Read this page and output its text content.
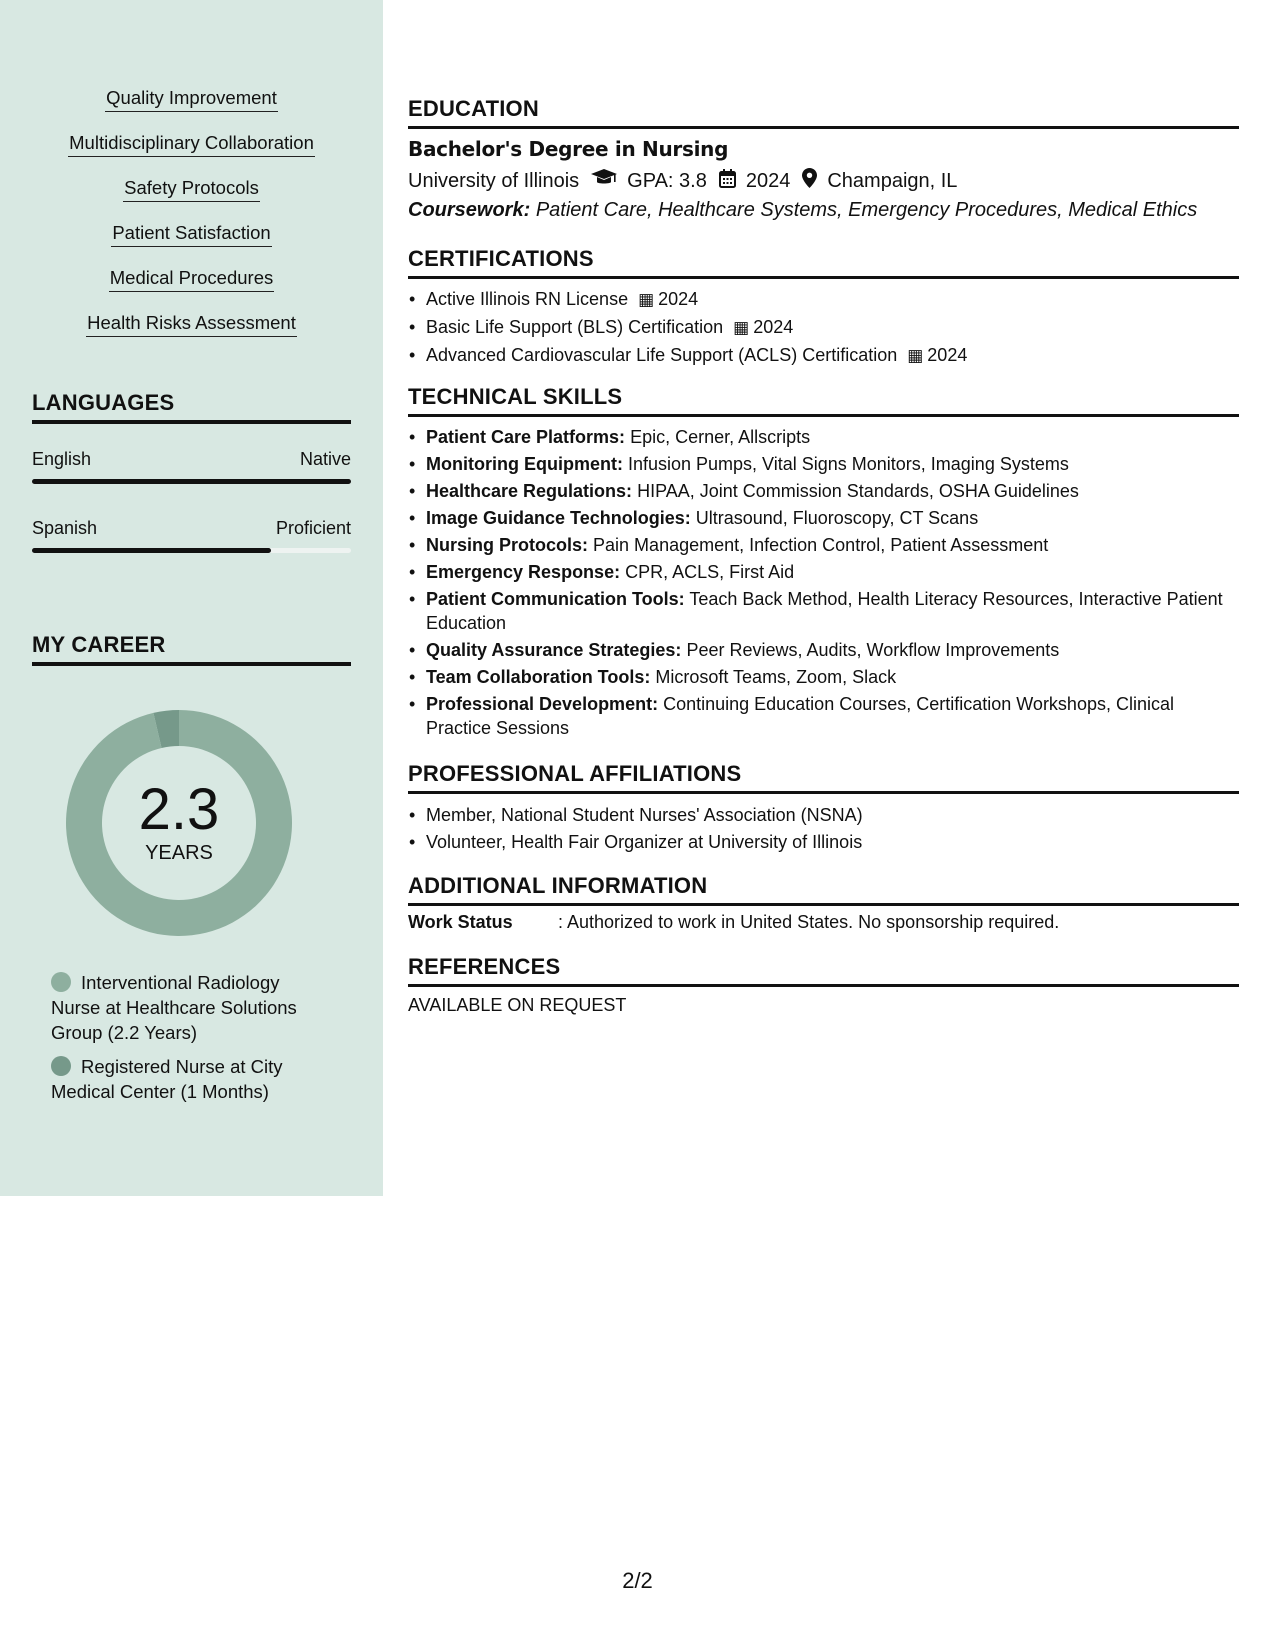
Quality Improvement
Multidisciplinary Collaboration
Safety Protocols
Patient Satisfaction
Medical Procedures
Health Risks Assessment
LANGUAGES
English	Native
Spanish	Proficient
MY CAREER
2.3
YEARS
Interventional Radiology Nurse at Healthcare Solutions Group (2.2 Years)
Registered Nurse at City Medical Center (1 Months)
EDUCATION
Bachelor's Degree in Nursing
University of Illinois GPA: 3.8 2024 Champaign, IL
Coursework: Patient Care, Healthcare Systems, Emergency Procedures, Medical Ethics
CERTIFICATIONS
• Active Illinois RN License ▦ 2024
• Basic Life Support (BLS) Certification ▦ 2024
• Advanced Cardiovascular Life Support (ACLS) Certification ▦ 2024
TECHNICAL SKILLS
• Patient Care Platforms: Epic, Cerner, Allscripts
• Monitoring Equipment: Infusion Pumps, Vital Signs Monitors, Imaging Systems
• Healthcare Regulations: HIPAA, Joint Commission Standards, OSHA Guidelines
• Image Guidance Technologies: Ultrasound, Fluoroscopy, CT Scans
• Nursing Protocols: Pain Management, Infection Control, Patient Assessment
• Emergency Response: CPR, ACLS, First Aid
• Patient Communication Tools: Teach Back Method, Health Literacy Resources, Interactive Patient Education
• Quality Assurance Strategies: Peer Reviews, Audits, Workflow Improvements
• Team Collaboration Tools: Microsoft Teams, Zoom, Slack
• Professional Development: Continuing Education Courses, Certification Workshops, Clinical Practice Sessions
PROFESSIONAL AFFILIATIONS
• Member, National Student Nurses' Association (NSNA)
• Volunteer, Health Fair Organizer at University of Illinois
ADDITIONAL INFORMATION
Work Status	: Authorized to work in United States. No sponsorship required.
REFERENCES
AVAILABLE ON REQUEST
2/2
